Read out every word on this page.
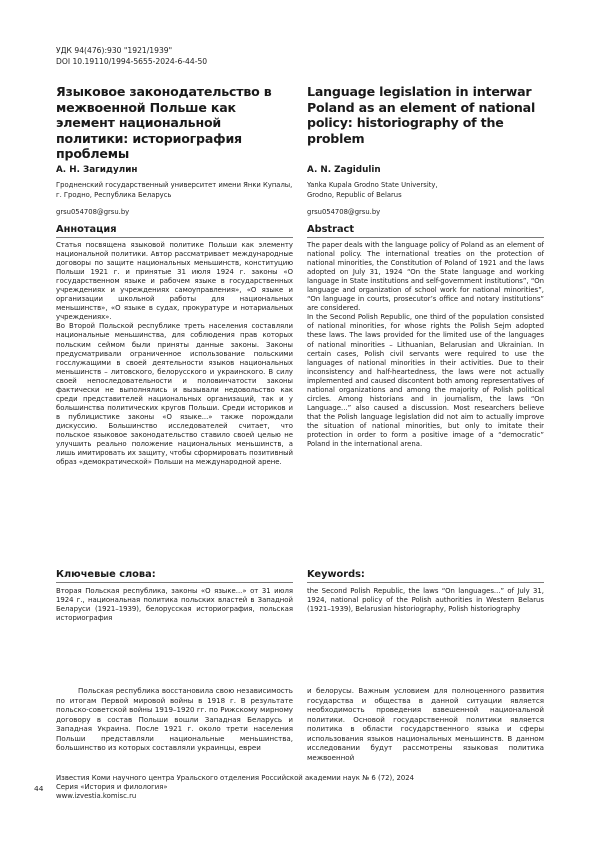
УДК 94(476):930 "1921/1939"
DOI 10.19110/1994-5655-2024-6-44-50
Языковое законодательство в межвоенной Польше как элемент национальной политики: историография проблемы
А. Н. Загидулин
Гродненский государственный университет имени Янки Купалы, г. Гродно, Республика Беларусь
grsu054708@grsu.by
Аннотация
Статья посвящена языковой политике Польши как элементу национальной политики. Автор рассматривает международные договоры по защите национальных меньшинств, конституцию Польши 1921 г. и принятые 31 июля 1924 г. законы «О государственном языке и рабочем языке в государственных учреждениях и учреждениях самоуправления», «О языке и организации школьной работы для национальных меньшинств», «О языке в судах, прокуратуре и нотариальных учреждениях».
Во Второй Польской республике треть населения составляли национальные меньшинства, для соблюдения прав которых польским сеймом были приняты данные законы. Законы предусматривали ограниченное использование польскими госслужащими в своей деятельности языков национальных меньшинств – литовского, белорусского и украинского. В силу своей непоследовательности и половинчатости законы фактически не выполнялись и вызывали недовольство как среди представителей национальных организаций, так и у большинства политических кругов Польши. Среди историков и в публицистике законы «О языке...» также порождали дискуссию. Большинство исследователей считает, что польское языковое законодательство ставило своей целью не улучшить реально положение национальных меньшинств, а лишь имитировать их защиту, чтобы сформировать позитивный образ «демократической» Польши на международной арене.
Ключевые слова:
Вторая Польская республика, законы «О языке...» от 31 июля 1924 г., национальная политика польских властей в Западной Беларуси (1921–1939), белорусская историография, польская историография
Language legislation in interwar Poland as an element of national policy: historiography of the problem
A. N. Zagidulin
Yanka Kupala Grodno State University, Grodno, Republic of Belarus
grsu054708@grsu.by
Abstract
The paper deals with the language policy of Poland as an element of national policy. The international treaties on the protection of national minorities, the Constitution of Poland of 1921 and the laws adopted on July 31, 1924 “On the State language and working language in State institutions and self-government institutions”, “On language and organization of school work for national minorities”, “On language in courts, prosecutor’s office and notary institutions” are considered.
In the Second Polish Republic, one third of the population consisted of national minorities, for whose rights the Polish Sejm adopted these laws. The laws provided for the limited use of the languages of national minorities – Lithuanian, Belarusian and Ukrainian. In certain cases, Polish civil servants were required to use the languages of national minorities in their activities. Due to their inconsistency and half-heartedness, the laws were not actually implemented and caused discontent both among representatives of national organizations and among the majority of Polish political circles. Among historians and in journalism, the laws “On Language...” also caused a discussion. Most researchers believe that the Polish language legislation did not aim to actually improve the situation of national minorities, but only to imitate their protection in order to form a positive image of a “democratic” Poland in the international arena.
Keywords:
the Second Polish Republic, the laws “On languages...” of July 31, 1924, national policy of the Polish authorities in Western Belarus (1921–1939), Belarusian historiography, Polish historiography
Польская республика восстановила свою независимость по итогам Первой мировой войны в 1918 г. В результате польско-советской войны 1919–1920 гг. по Рижскому мирному договору в состав Польши вошли Западная Беларусь и Западная Украина. После 1921 г. около трети населения Польши представляли национальные меньшинства, большинство из которых составляли украинцы, евреи
и белорусы. Важным условием для полноценного развития государства и общества в данной ситуации является необходимость проведения взвешенной национальной политики. Основой государственной политики является политика в области государственного языка и сферы использования языков национальных меньшинств. В данном исследовании будут рассмотрены языковая политика межвоенной
44
Известия Коми научного центра Уральского отделения Российской академии наук № 6 (72), 2024
Серия «История и филология»
www.izvestia.komisc.ru
